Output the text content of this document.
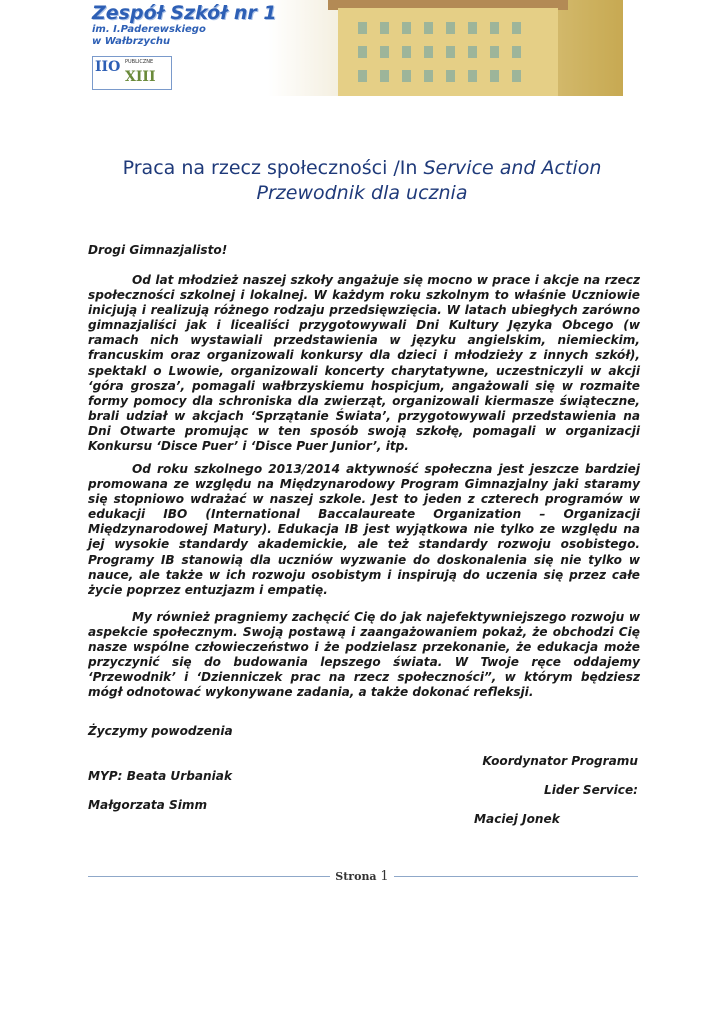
Zespół Szkół nr 1
im. I.Paderewskiego
w Wałbrzychu
IIO PUBLICZNE
XIII
Praca na rzecz społeczności /In Service and Action
Przewodnik dla ucznia
Drogi Gimnazjalisto!
Od lat młodzież naszej szkoły angażuje się mocno w prace i akcje na rzecz społeczności szkolnej i lokalnej. W każdym roku szkolnym to właśnie Uczniowie inicjują i realizują różnego rodzaju przedsięwzięcia. W latach ubiegłych zarówno gimnazjaliści jak i licealiści przygotowywali Dni Kultury Języka Obcego (w ramach nich wystawiali przedstawienia w języku angielskim, niemieckim, francuskim oraz organizowali konkursy dla dzieci i młodzieży z innych szkół), spektakl o Lwowie, organizowali koncerty charytatywne, uczestniczyli w akcji ‘góra grosza’, pomagali wałbrzyskiemu hospicjum, angażowali się w rozmaite formy pomocy dla schroniska dla zwierząt, organizowali kiermasze świąteczne, brali udział w akcjach ‘Sprzątanie Świata’, przygotowywali przedstawienia na Dni Otwarte promując w ten sposób swoją szkołę, pomagali w organizacji Konkursu ‘Disce Puer’ i ‘Disce Puer Junior’, itp.
Od roku szkolnego 2013/2014 aktywność społeczna jest jeszcze bardziej promowana ze względu na Międzynarodowy Program Gimnazjalny jaki staramy się stopniowo wdrażać w naszej szkole. Jest to jeden z czterech programów w edukacji IBO (International Baccalaureate Organization – Organizacji Międzynarodowej Matury). Edukacja IB jest wyjątkowa nie tylko ze względu na jej wysokie standardy akademickie, ale też standardy rozwoju osobistego. Programy IB stanowią dla uczniów wyzwanie do doskonalenia się nie tylko w nauce, ale także w ich rozwoju osobistym i inspirują do uczenia się przez całe życie poprzez entuzjazm i empatię.
My również pragniemy zachęcić Cię do jak najefektywniejszego rozwoju w aspekcie społecznym. Swoją postawą i zaangażowaniem pokaż, że obchodzi Cię nasze wspólne człowieczeństwo i że podzielasz przekonanie, że edukacja może przyczynić się do budowania lepszego świata. W Twoje ręce oddajemy ‘Przewodnik’ i ‘Dzienniczek prac na rzecz społeczności”, w którym będziesz mógł odnotować wykonywane zadania, a także dokonać refleksji.
Życzymy powodzenia
Koordynator Programu
MYP: Beata Urbaniak
Lider Service:
Małgorzata Simm
Maciej Jonek
Strona 1
